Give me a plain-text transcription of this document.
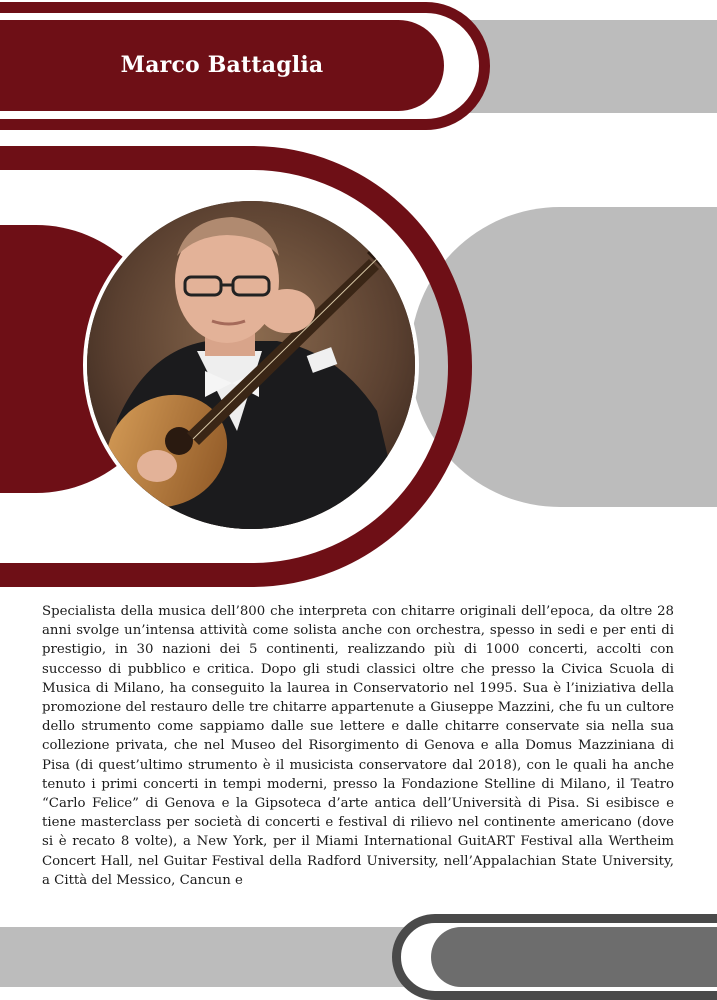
Marco Battaglia
Specialista della musica dell’800 che interpreta con chitarre originali dell’epoca, da oltre 28 anni svolge un’intensa attività come solista anche con orchestra, spesso in sedi e per enti di prestigio, in 30 nazioni dei 5 continenti, realizzando più di 1000 concerti, accolti con successo di pubblico e critica. Dopo gli studi classici oltre che presso la Civica Scuola di Musica di Milano, ha conseguito la laurea in Conservatorio nel 1995. Sua è l’iniziativa della promozione del restauro delle tre chitarre appartenute a Giuseppe Mazzini, che fu un cultore dello strumento come sappiamo dalle sue lettere e dalle chitarre conservate sia nella sua collezione privata, che nel Museo del Risorgimento di Genova e alla Domus Mazziniana di Pisa (di quest’ultimo strumento è il musicista conservatore dal 2018), con le quali ha anche tenuto i primi concerti in tempi moderni, presso la Fondazione Stelline di Milano, il Teatro “Carlo Felice” di Genova e la Gipsoteca d’arte antica dell’Università di Pisa. Si esibisce e tiene masterclass per società di concerti e festival di rilievo nel continente americano (dove si è recato 8 volte), a New York, per il Miami International GuitART Festival alla Wertheim Concert Hall, nel Guitar Festival della Radford University, nell’Appalachian State University, a Città del Messico, Cancun e
